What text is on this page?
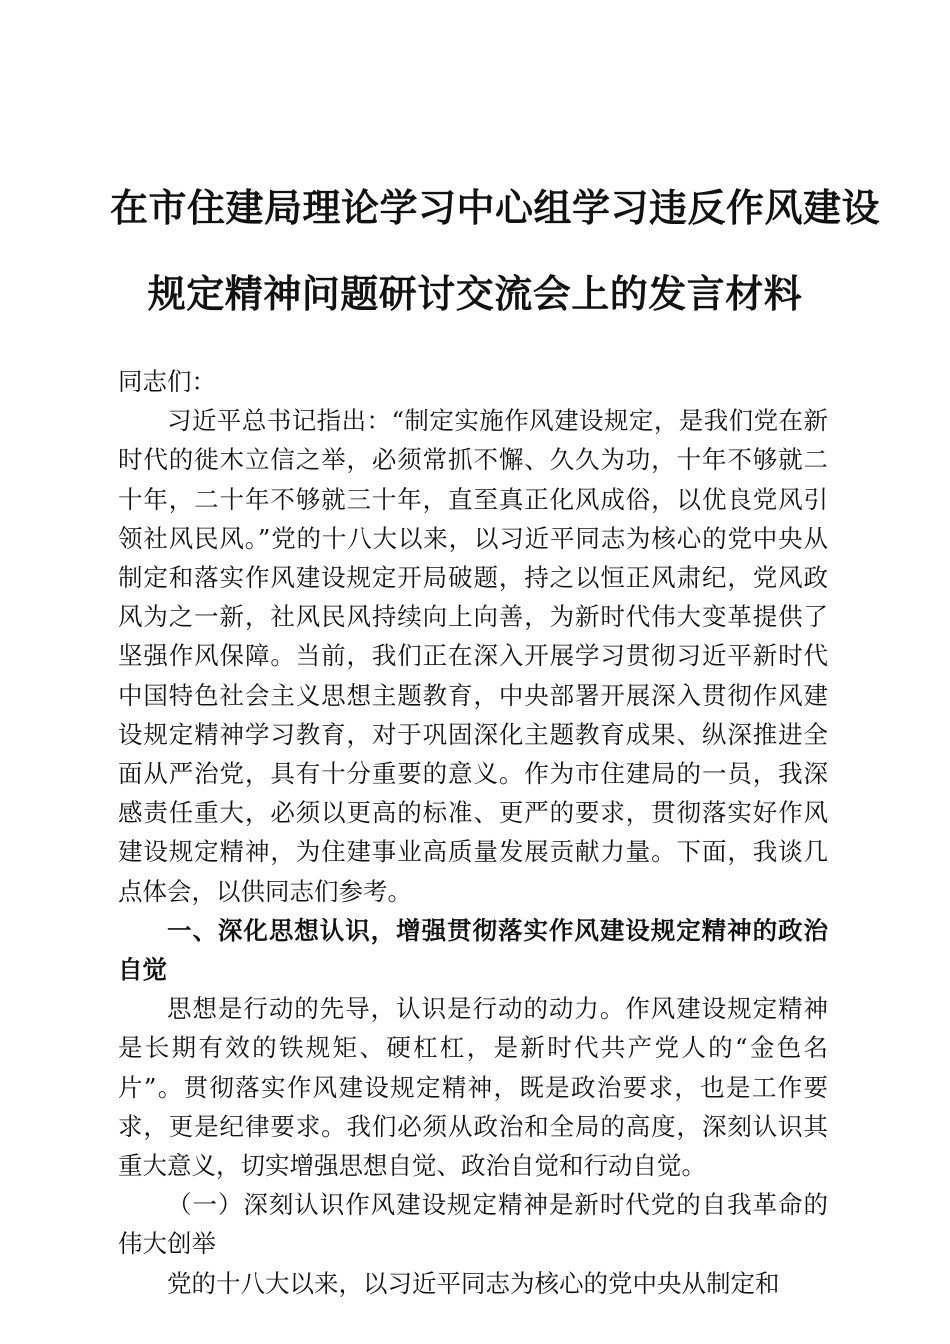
在市住建局理论学习中心组学习违反作风建设
规定精神问题研讨交流会上的发言材料

同志们：

习近平总书记指出：“制定实施作风建设规定，是我们党在新时代的徙木立信之举，必须常抓不懈、久久为功，十年不够就二十年，二十年不够就三十年，直至真正化风成俗，以优良党风引领社风民风。”党的十八大以来，以习近平同志为核心的党中央从制定和落实作风建设规定开局破题，持之以恒正风肃纪，党风政风为之一新，社风民风持续向上向善，为新时代伟大变革提供了坚强作风保障。当前，我们正在深入开展学习贯彻习近平新时代中国特色社会主义思想主题教育，中央部署开展深入贯彻作风建设规定精神学习教育，对于巩固深化主题教育成果、纵深推进全面从严治党，具有十分重要的意义。作为市住建局的一员，我深感责任重大，必须以更高的标准、更严的要求，贯彻落实好作风建设规定精神，为住建事业高质量发展贡献力量。下面，我谈几点体会，以供同志们参考。

一、深化思想认识，增强贯彻落实作风建设规定精神的政治自觉

思想是行动的先导，认识是行动的动力。作风建设规定精神是长期有效的铁规矩、硬杠杠，是新时代共产党人的“金色名片”。贯彻落实作风建设规定精神，既是政治要求，也是工作要求，更是纪律要求。我们必须从政治和全局的高度，深刻认识其重大意义，切实增强思想自觉、政治自觉和行动自觉。

（一）深刻认识作风建设规定精神是新时代党的自我革命的伟大创举

党的十八大以来，以习近平同志为核心的党中央从制定和
